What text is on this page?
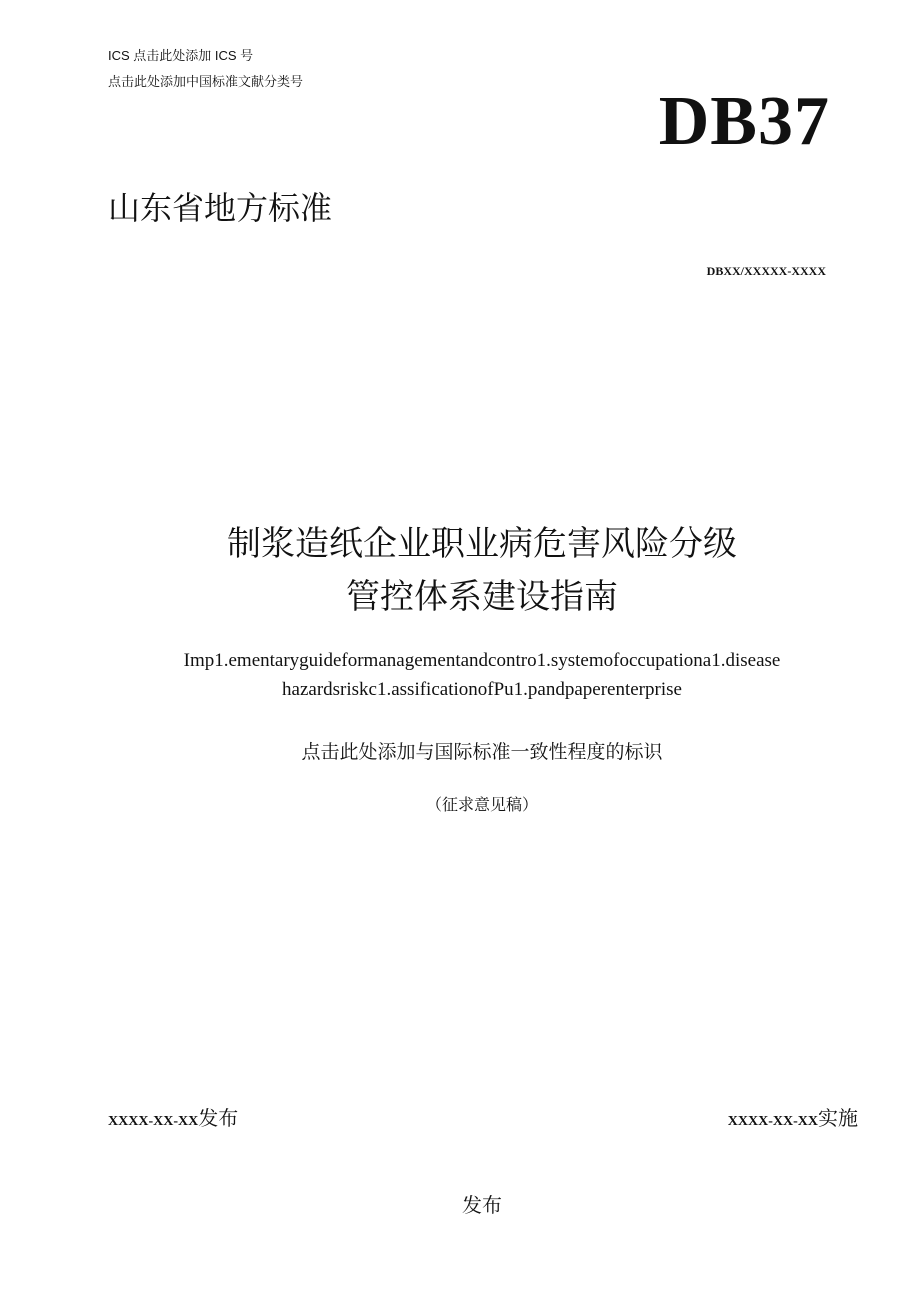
ICS 点击此处添加 ICS 号
点击此处添加中国标准文献分类号
DB37
山东省地方标准
DBXX/XXXXX-XXXX
制浆造纸企业职业病危害风险分级
管控体系建设指南
Imp1.ementaryguideformanagementandcontro1.systemofoccupationa1.disease
hazardsriskc1.assificationofPu1.pandpaperenterprise
点击此处添加与国际标准一致性程度的标识
（征求意见稿）
XXXX-XX-XX发布	XXXX-XX-XX实施
发布
